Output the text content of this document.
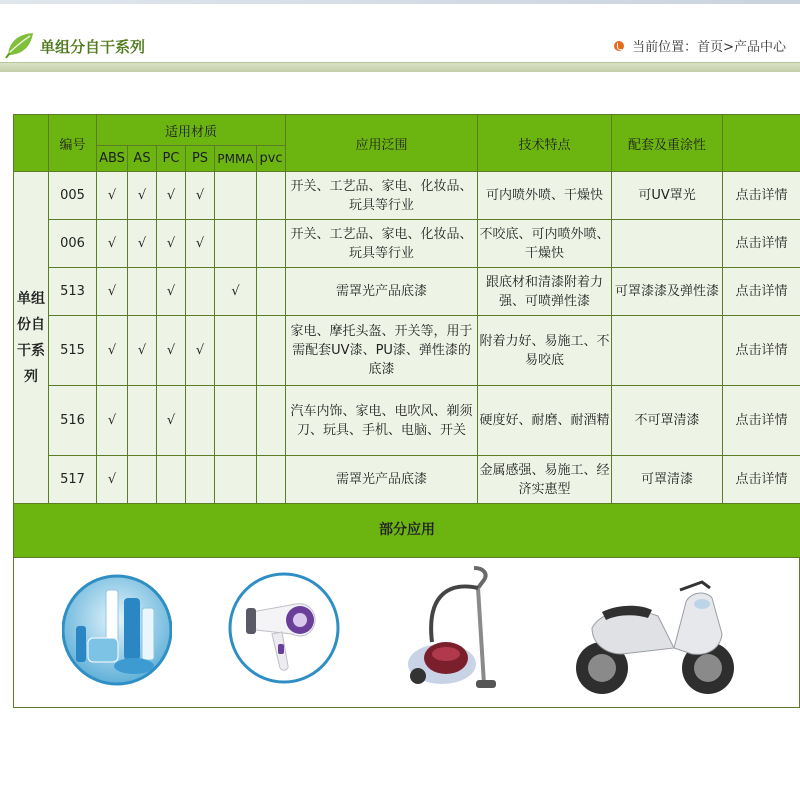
单组分自干系列	当前位置： 首页>产品中心
	编号	适用材质						应用泛围	技术特点	配套及重涂性	
		ABS	AS	PC	PS	PMMA	pvc				
单组份自干系列	005	√	√	√	√			开关、工艺品、家电、化妆品、玩具等行业	可内喷外喷、干燥快	可UV罩光	点击详情
	006	√	√	√	√			开关、工艺品、家电、化妆品、玩具等行业	不咬底、可内喷外喷、干燥快		点击详情
	513	√		√		√		需罩光产品底漆	跟底材和清漆附着力强、可喷弹性漆	可罩漆漆及弹性漆	点击详情
	515	√	√	√	√			家电、摩托头盔、开关等，用于需配套UV漆、PU漆、弹性漆的底漆	附着力好、易施工、不易咬底		点击详情
	516	√		√				汽车内饰、家电、电吹风、剃须刀、玩具、手机、电脑、开关	硬度好、耐磨、耐酒精	不可罩清漆	点击详情
	517	√						需罩光产品底漆	金属感强、易施工、经济实惠型	可罩清漆	点击详情
部分应用											
